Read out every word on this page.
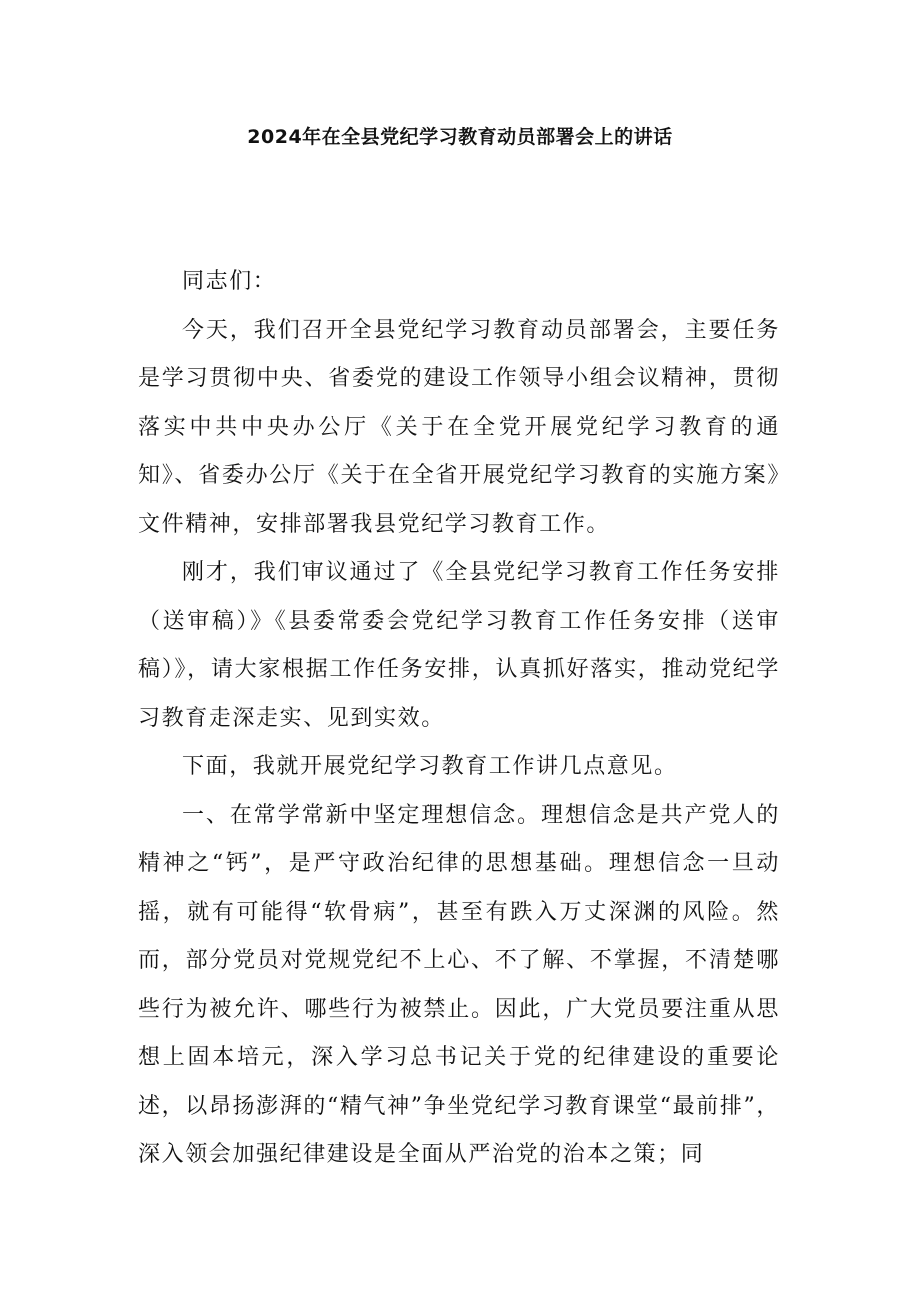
2024年在全县党纪学习教育动员部署会上的讲话

同志们：

今天，我们召开全县党纪学习教育动员部署会，主要任务是学习贯彻中央、省委党的建设工作领导小组会议精神，贯彻落实中共中央办公厅《关于在全党开展党纪学习教育的通知》、省委办公厅《关于在全省开展党纪学习教育的实施方案》文件精神，安排部署我县党纪学习教育工作。

刚才，我们审议通过了《全县党纪学习教育工作任务安排（送审稿）》《县委常委会党纪学习教育工作任务安排（送审稿）》，请大家根据工作任务安排，认真抓好落实，推动党纪学习教育走深走实、见到实效。

下面，我就开展党纪学习教育工作讲几点意见。

一、在常学常新中坚定理想信念。理想信念是共产党人的精神之“钙”，是严守政治纪律的思想基础。理想信念一旦动摇，就有可能得“软骨病”，甚至有跌入万丈深渊的风险。然而，部分党员对党规党纪不上心、不了解、不掌握，不清楚哪些行为被允许、哪些行为被禁止。因此，广大党员要注重从思想上固本培元，深入学习总书记关于党的纪律建设的重要论述，以昂扬澎湃的“精气神”争坐党纪学习教育课堂“最前排”，深入领会加强纪律建设是全面从严治党的治本之策；同
